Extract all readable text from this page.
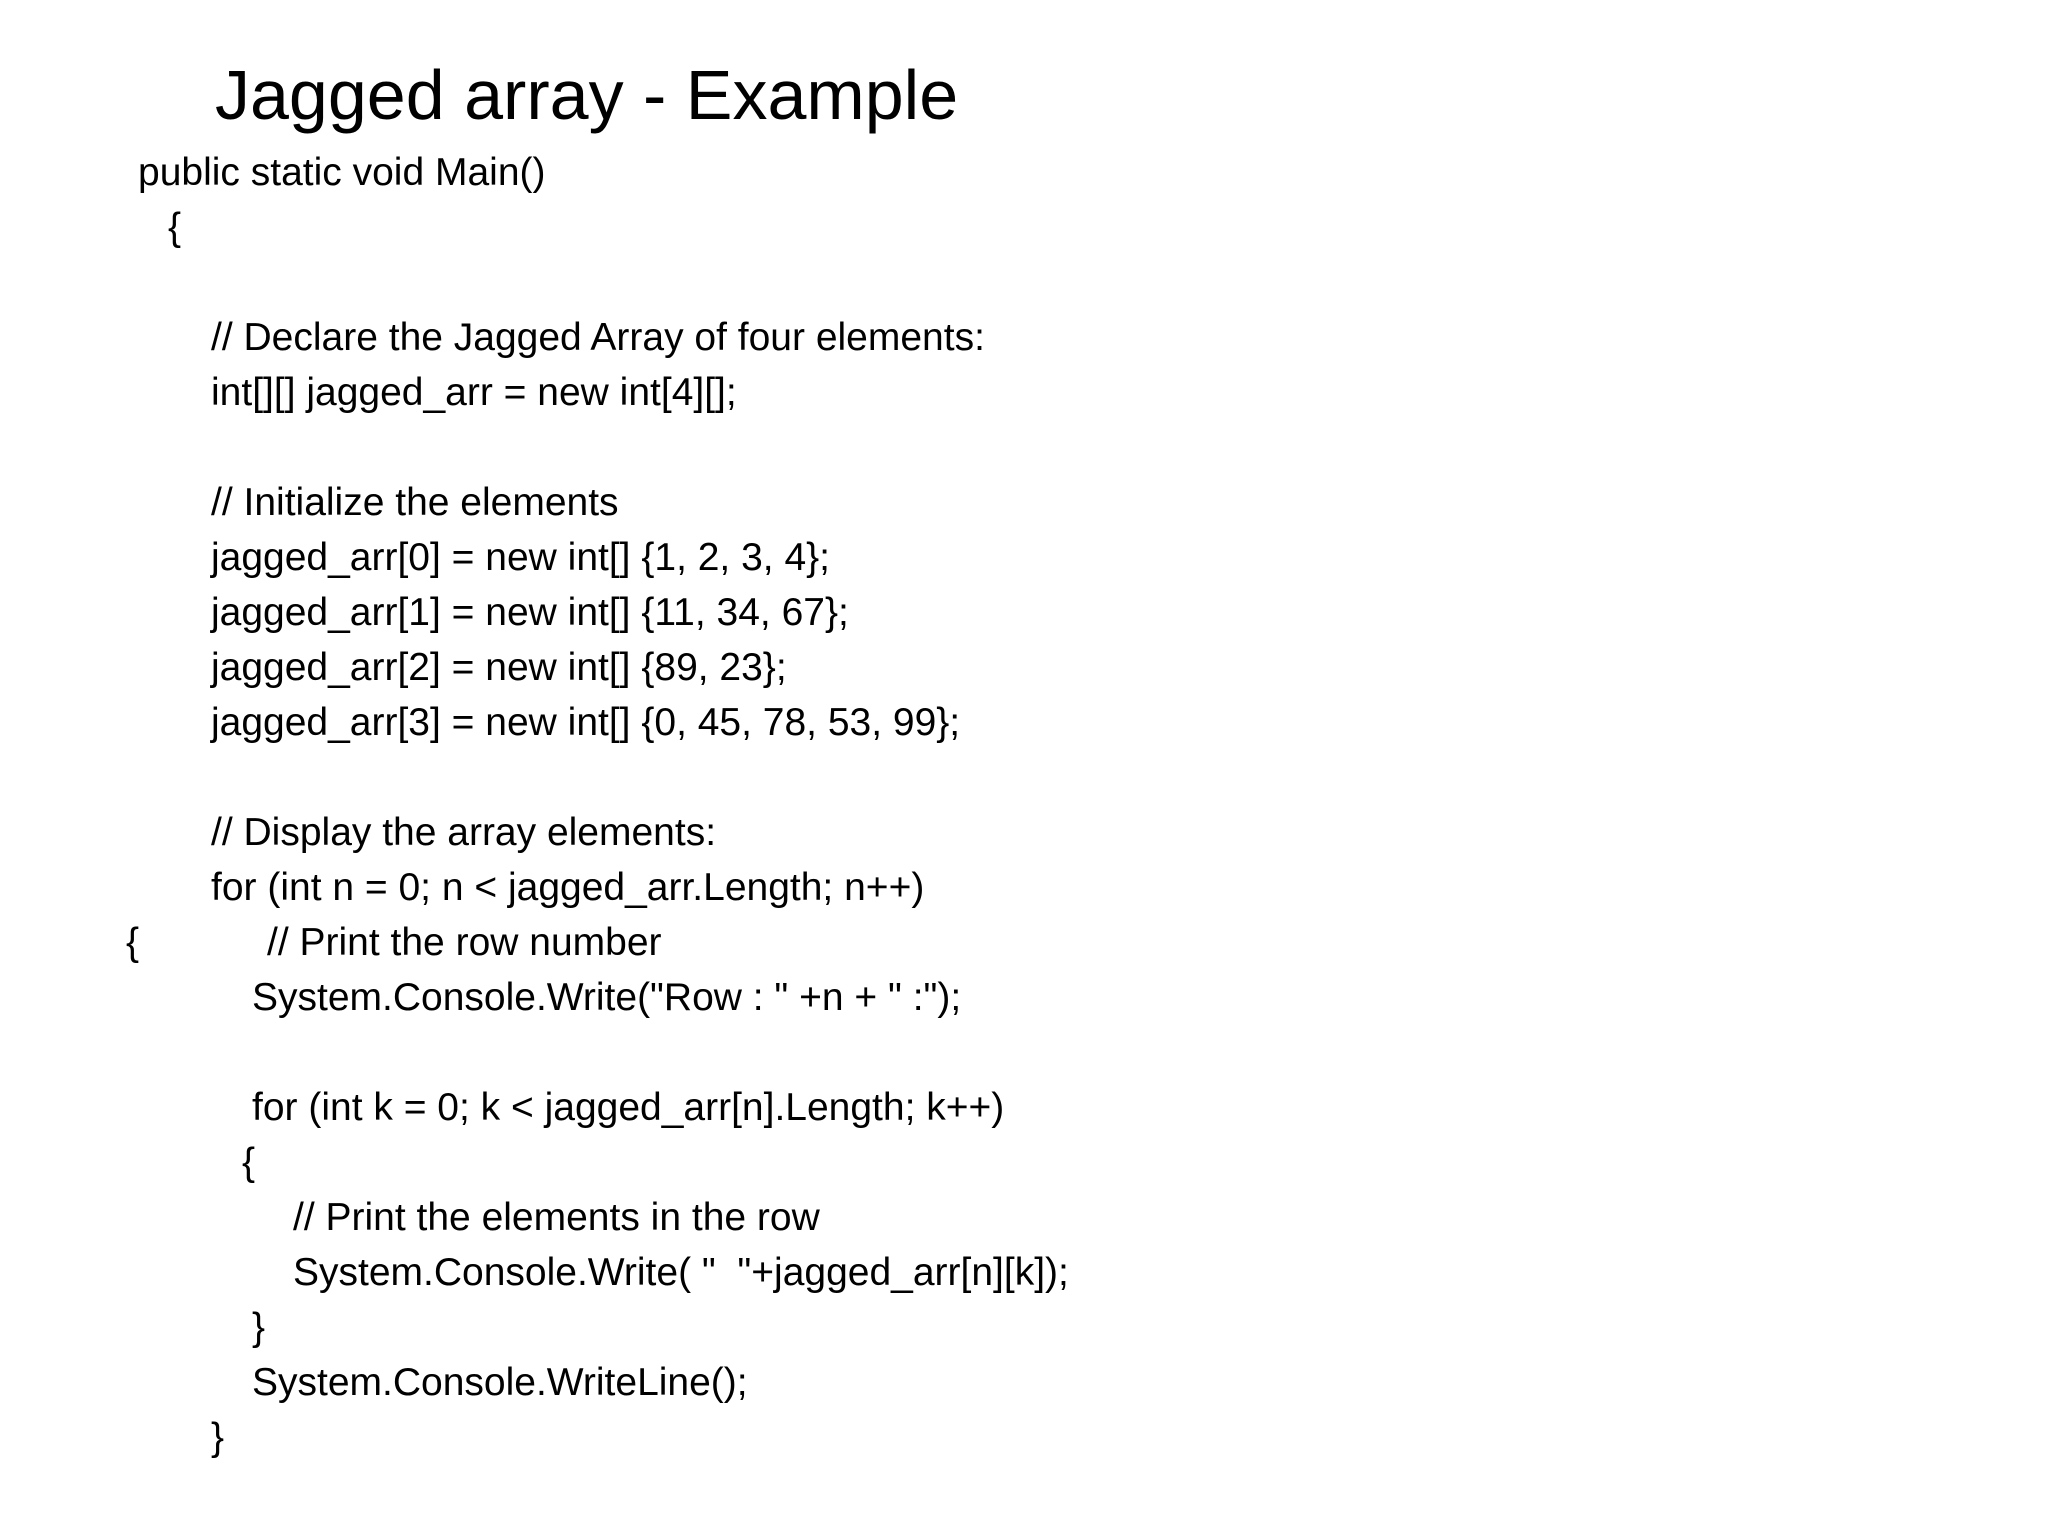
Jagged array - Example
public static void Main()
{
// Declare the Jagged Array of four elements:
int[][] jagged_arr = new int[4][];
// Initialize the elements
jagged_arr[0] = new int[] {1, 2, 3, 4};
jagged_arr[1] = new int[] {11, 34, 67};
jagged_arr[2] = new int[] {89, 23};
jagged_arr[3] = new int[] {0, 45, 78, 53, 99};
// Display the array elements:
for (int n = 0; n < jagged_arr.Length; n++)
{	// Print the row number
System.Console.Write("Row : " +n + " :");
for (int k = 0; k < jagged_arr[n].Length; k++)
{
// Print the elements in the row
System.Console.Write( "  "+jagged_arr[n][k]);
}
System.Console.WriteLine();
}
